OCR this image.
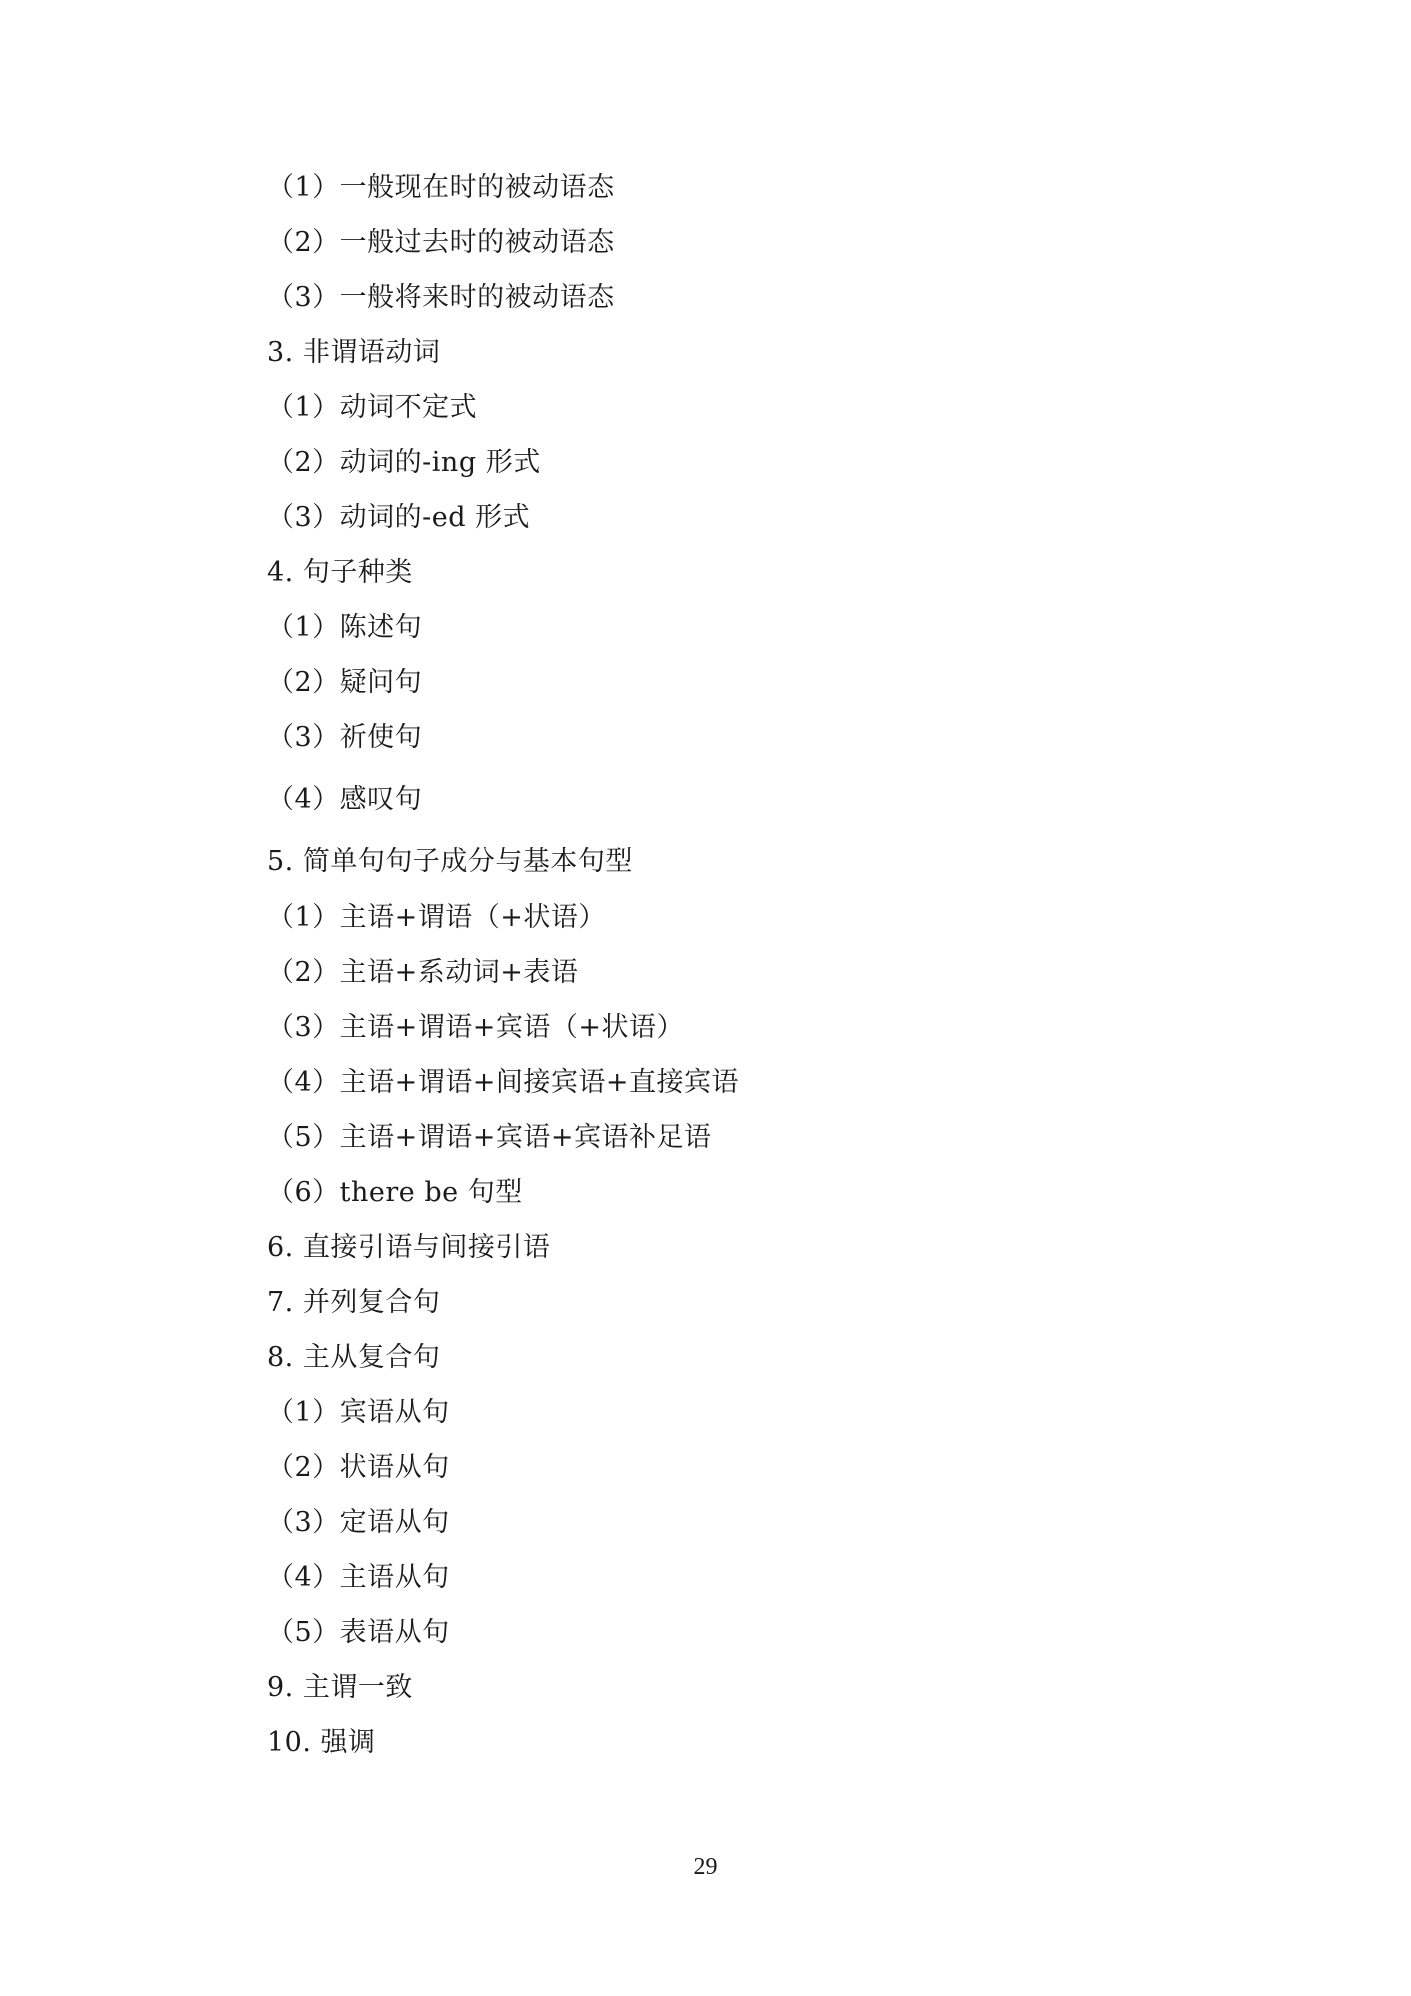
（1）一般现在时的被动语态

（2）一般过去时的被动语态

（3）一般将来时的被动语态

3. 非谓语动词

（1）动词不定式

（2）动词的-ing 形式

（3）动词的-ed 形式

4. 句子种类

（1）陈述句

（2）疑问句

（3）祈使句

（4）感叹句

5. 简单句句子成分与基本句型

（1）主语+谓语（+状语）

（2）主语+系动词+表语

（3）主语+谓语+宾语（+状语）

（4）主语+谓语+间接宾语+直接宾语

（5）主语+谓语+宾语+宾语补足语

（6）there be 句型

6. 直接引语与间接引语

7. 并列复合句

8. 主从复合句

（1）宾语从句

（2）状语从句

（3）定语从句

（4）主语从句

（5）表语从句

9. 主谓一致

10. 强调

29
